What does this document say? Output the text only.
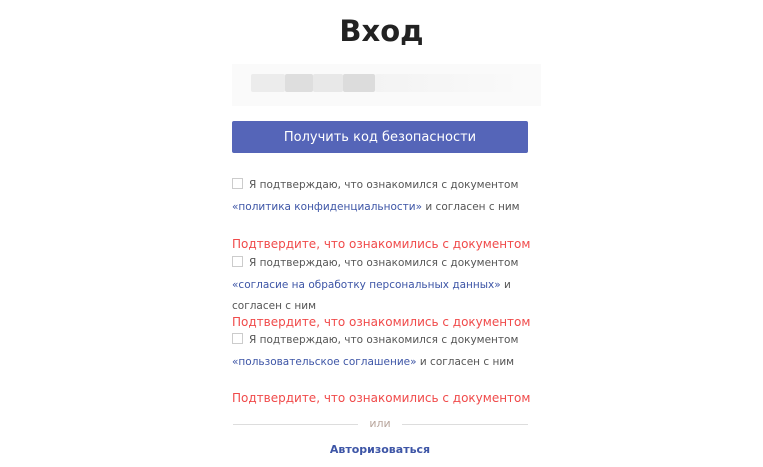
Вход
Получить код безопасности
Я подтверждаю, что ознакомился с документом «политика конфиденциальности» и согласен с ним
Подтвердите, что ознакомились с документом
Я подтверждаю, что ознакомился с документом «согласие на обработку персональных данных» и согласен с ним
Подтвердите, что ознакомились с документом
Я подтверждаю, что ознакомился с документом «пользовательское соглашение» и согласен с ним
Подтвердите, что ознакомились с документом
или
Авторизоваться
